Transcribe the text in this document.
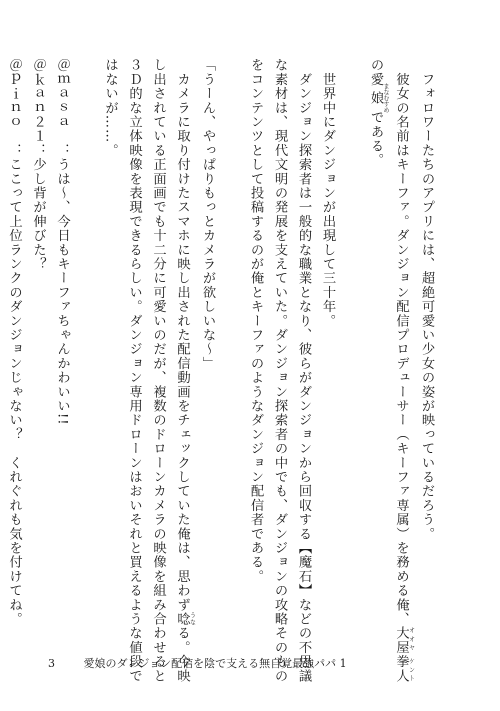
　フォロワーたちのアプリには、超絶可愛い少女の姿が映っているだろう。
　彼女の名前はキーファ。ダンジョン配信プロデューサー（キーファ専属）を務める俺、大屋拳人 オオヤ ケント
の愛娘 まなむすめである。
　世界中にダンジョンが出現して三十年。
　ダンジョン探索者は一般的な職業となり、彼らがダンジョンから回収する【魔石】などの不思議
な素材は、現代文明の発展を支えていた。ダンジョン探索者の中でも、ダンジョンの攻略そのもの
をコンテンツとして投稿するのが俺とキーファのようなダンジョン配信者である。
「うーん、やっぱりもっとカメラが欲しいな～」
　カメラに取り付けたスマホに映し出された配信動画をチェックしていた俺は、思わず唸 うなる。今映
し出されている正面画でも十二分に可愛いのだが、複数のドローンカメラの映像を組み合わせると
３Ｄ的な立体映像を表現できるらしい。ダンジョン専用ドローンはおいそれと買えるような値段で
はないが……。
＠ｍａｓａ　：うは～、今日もキーファちゃんかわいい!!
＠ｋａｎ２１：少し背が伸びた？
＠ｐｉｎｏ　：ここって上位ランクのダンジョンじゃない？　くれぐれも気を付けてね。
3	愛娘のダンジョン配信を陰で支える無自覚最強パパ 1
